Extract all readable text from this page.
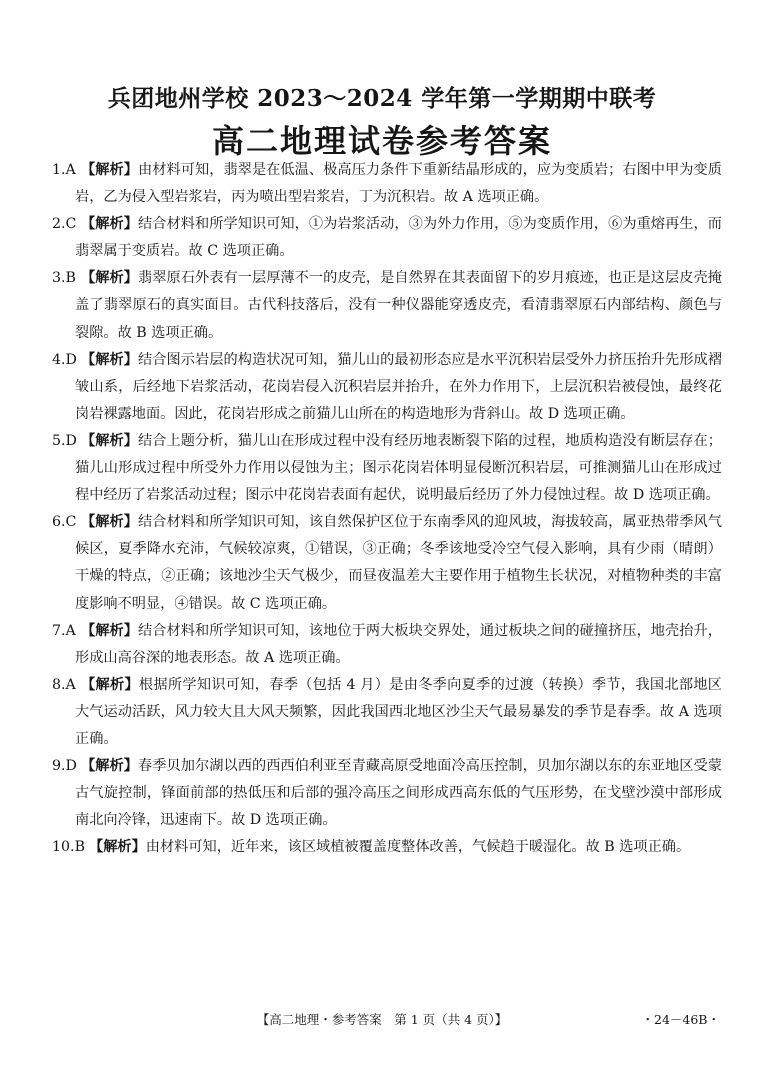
兵团地州学校 2023～2024 学年第一学期期中联考
高二地理试卷参考答案
1.A 【解析】由材料可知，翡翠是在低温、极高压力条件下重新结晶形成的，应为变质岩；右图中甲为变质岩，乙为侵入型岩浆岩，丙为喷出型岩浆岩，丁为沉积岩。故 A 选项正确。
2.C 【解析】结合材料和所学知识可知，①为岩浆活动，③为外力作用，⑤为变质作用，⑥为重熔再生，而翡翠属于变质岩。故 C 选项正确。
3.B 【解析】翡翠原石外表有一层厚薄不一的皮壳，是自然界在其表面留下的岁月痕迹，也正是这层皮壳掩盖了翡翠原石的真实面目。古代科技落后，没有一种仪器能穿透皮壳，看清翡翠原石内部结构、颜色与裂隙。故 B 选项正确。
4.D 【解析】结合图示岩层的构造状况可知，猫儿山的最初形态应是水平沉积岩层受外力挤压抬升先形成褶皱山系，后经地下岩浆活动，花岗岩侵入沉积岩层并抬升，在外力作用下，上层沉积岩被侵蚀，最终花岗岩裸露地面。因此，花岗岩形成之前猫儿山所在的构造地形为背斜山。故 D 选项正确。
5.D 【解析】结合上题分析，猫儿山在形成过程中没有经历地表断裂下陷的过程，地质构造没有断层存在；猫儿山形成过程中所受外力作用以侵蚀为主；图示花岗岩体明显侵断沉积岩层，可推测猫儿山在形成过程中经历了岩浆活动过程；图示中花岗岩表面有起伏，说明最后经历了外力侵蚀过程。故 D 选项正确。
6.C 【解析】结合材料和所学知识可知，该自然保护区位于东南季风的迎风坡，海拔较高，属亚热带季风气候区，夏季降水充沛，气候较凉爽，①错误，③正确；冬季该地受冷空气侵入影响，具有少雨（晴朗）干燥的特点，②正确；该地沙尘天气极少，而昼夜温差大主要作用于植物生长状况，对植物种类的丰富度影响不明显，④错误。故 C 选项正确。
7.A 【解析】结合材料和所学知识可知，该地位于两大板块交界处，通过板块之间的碰撞挤压，地壳抬升，形成山高谷深的地表形态。故 A 选项正确。
8.A 【解析】根据所学知识可知，春季（包括 4 月）是由冬季向夏季的过渡（转换）季节，我国北部地区大气运动活跃，风力较大且大风天频繁，因此我国西北地区沙尘天气最易暴发的季节是春季。故 A 选项正确。
9.D 【解析】春季贝加尔湖以西的西西伯利亚至青藏高原受地面冷高压控制，贝加尔湖以东的东亚地区受蒙古气旋控制，锋面前部的热低压和后部的强冷高压之间形成西高东低的气压形势，在戈壁沙漠中部形成南北向冷锋，迅速南下。故 D 选项正确。
10.B 【解析】由材料可知，近年来，该区域植被覆盖度整体改善，气候趋于暖湿化。故 B 选项正确。
【高二地理・参考答案　第 1 页（共 4 页）】	・24－46B・
